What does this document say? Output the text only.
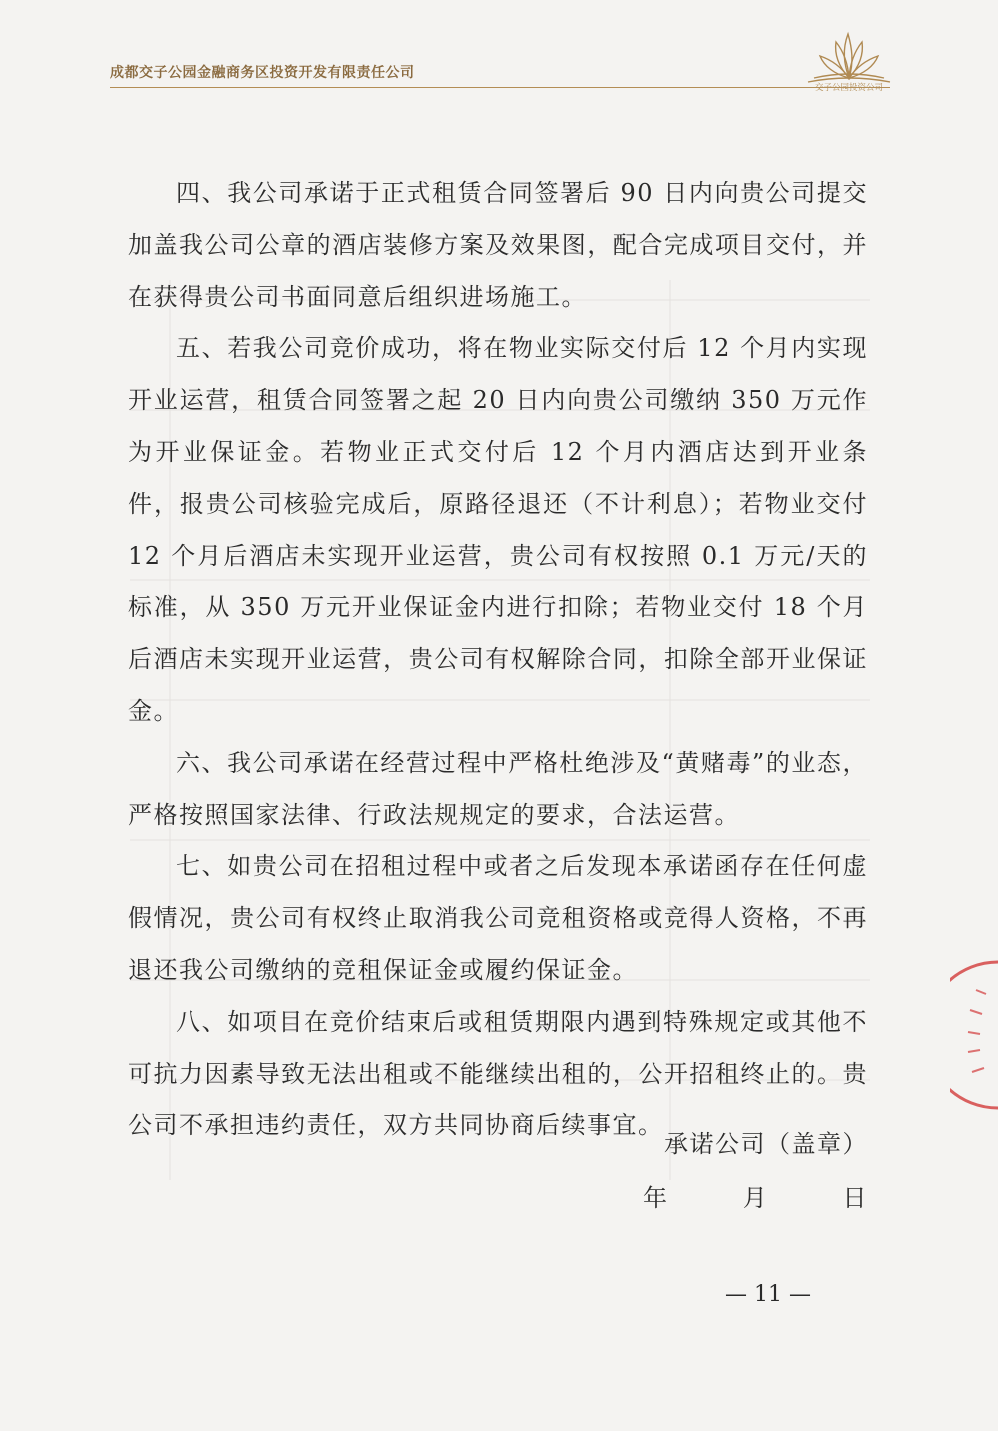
成都交子公园金融商务区投资开发有限责任公司
交子公园投资公司

四、我公司承诺于正式租赁合同签署后 90 日内向贵公司提交加盖我公司公章的酒店装修方案及效果图，配合完成项目交付，并在获得贵公司书面同意后组织进场施工。

五、若我公司竞价成功，将在物业实际交付后 12 个月内实现开业运营，租赁合同签署之起 20 日内向贵公司缴纳 350 万元作为开业保证金。若物业正式交付后 12 个月内酒店达到开业条件，报贵公司核验完成后，原路径退还（不计利息）；若物业交付 12 个月后酒店未实现开业运营，贵公司有权按照 0.1 万元/天的标准，从 350 万元开业保证金内进行扣除；若物业交付 18 个月后酒店未实现开业运营，贵公司有权解除合同，扣除全部开业保证金。

六、我公司承诺在经营过程中严格杜绝涉及“黄赌毒”的业态，严格按照国家法律、行政法规规定的要求，合法运营。

七、如贵公司在招租过程中或者之后发现本承诺函存在任何虚假情况，贵公司有权终止取消我公司竞租资格或竞得人资格，不再退还我公司缴纳的竞租保证金或履约保证金。

八、如项目在竞价结束后或租赁期限内遇到特殊规定或其他不可抗力因素导致无法出租或不能继续出租的，公开招租终止的。贵公司不承担违约责任，双方共同协商后续事宜。

承诺公司（盖章）
年	月	日
— 11 —
